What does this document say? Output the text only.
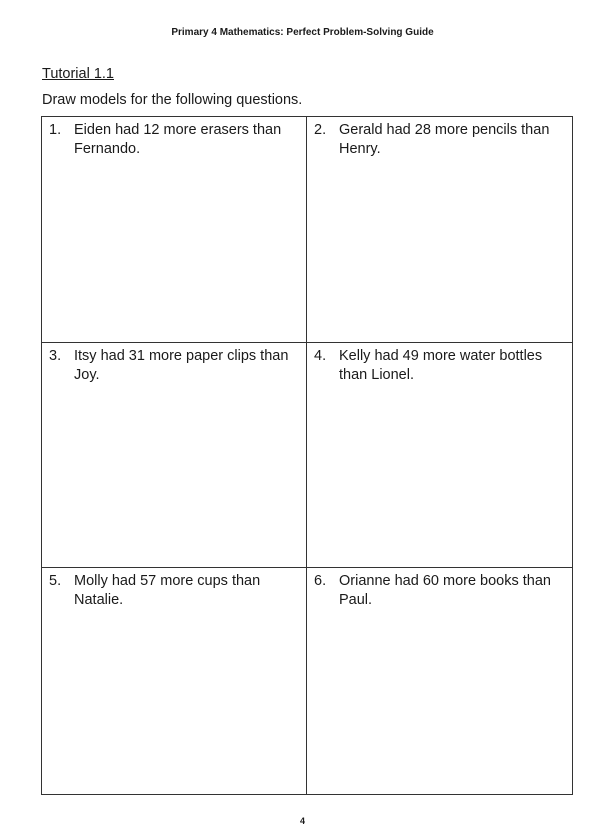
Primary 4 Mathematics: Perfect Problem-Solving Guide
Tutorial 1.1
Draw models for the following questions.
1. Eiden had 12 more erasers than Fernando.
2. Gerald had 28 more pencils than Henry.
3. Itsy had 31 more paper clips than Joy.
4. Kelly had 49 more water bottles than Lionel.
5. Molly had 57 more cups than Natalie.
6. Orianne had 60 more books than Paul.
4
